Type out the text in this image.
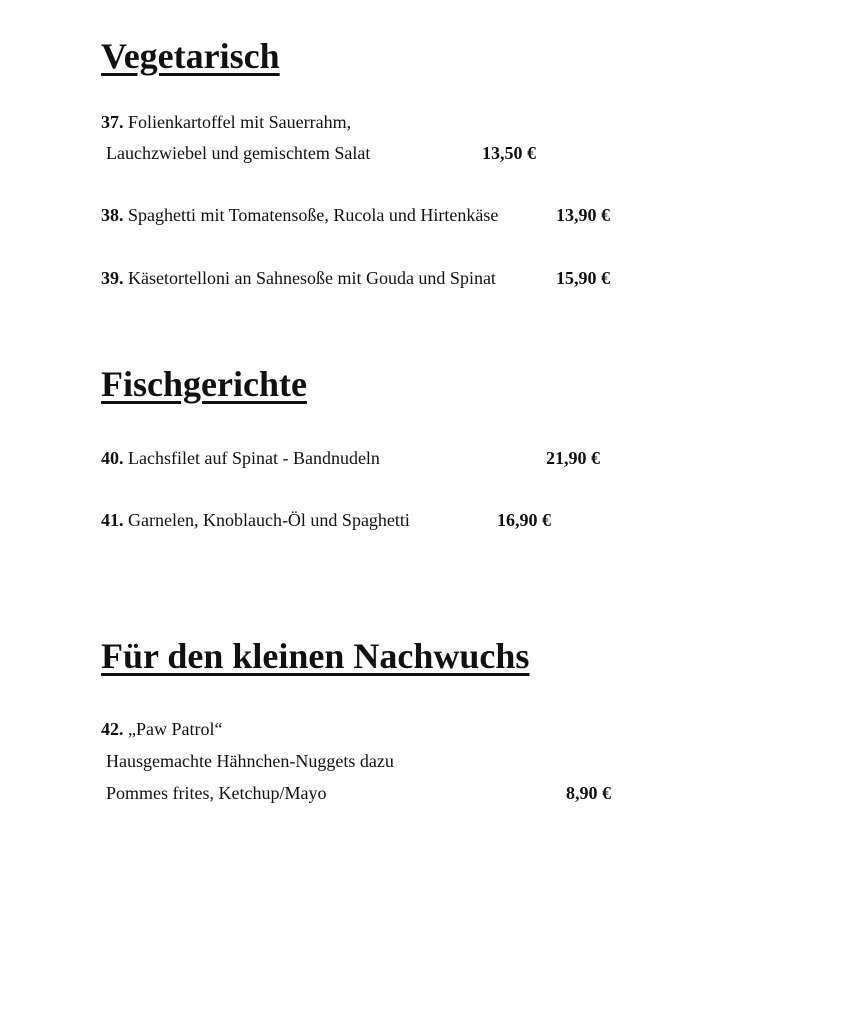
Vegetarisch
37. Folienkartoffel mit Sauerrahm,
Lauchzwiebel und gemischtem Salat	13,50 €
38. Spaghetti mit Tomatensoße, Rucola und Hirtenkäse	13,90 €
39. Käsetortelloni an Sahnesoße mit Gouda und Spinat	15,90 €
Fischgerichte
40. Lachsfilet auf Spinat - Bandnudeln	21,90 €
41. Garnelen, Knoblauch-Öl und Spaghetti	16,90 €
Für den kleinen Nachwuchs
42. „Paw Patrol“
Hausgemachte Hähnchen-Nuggets dazu
Pommes frites, Ketchup/Mayo	8,90 €
